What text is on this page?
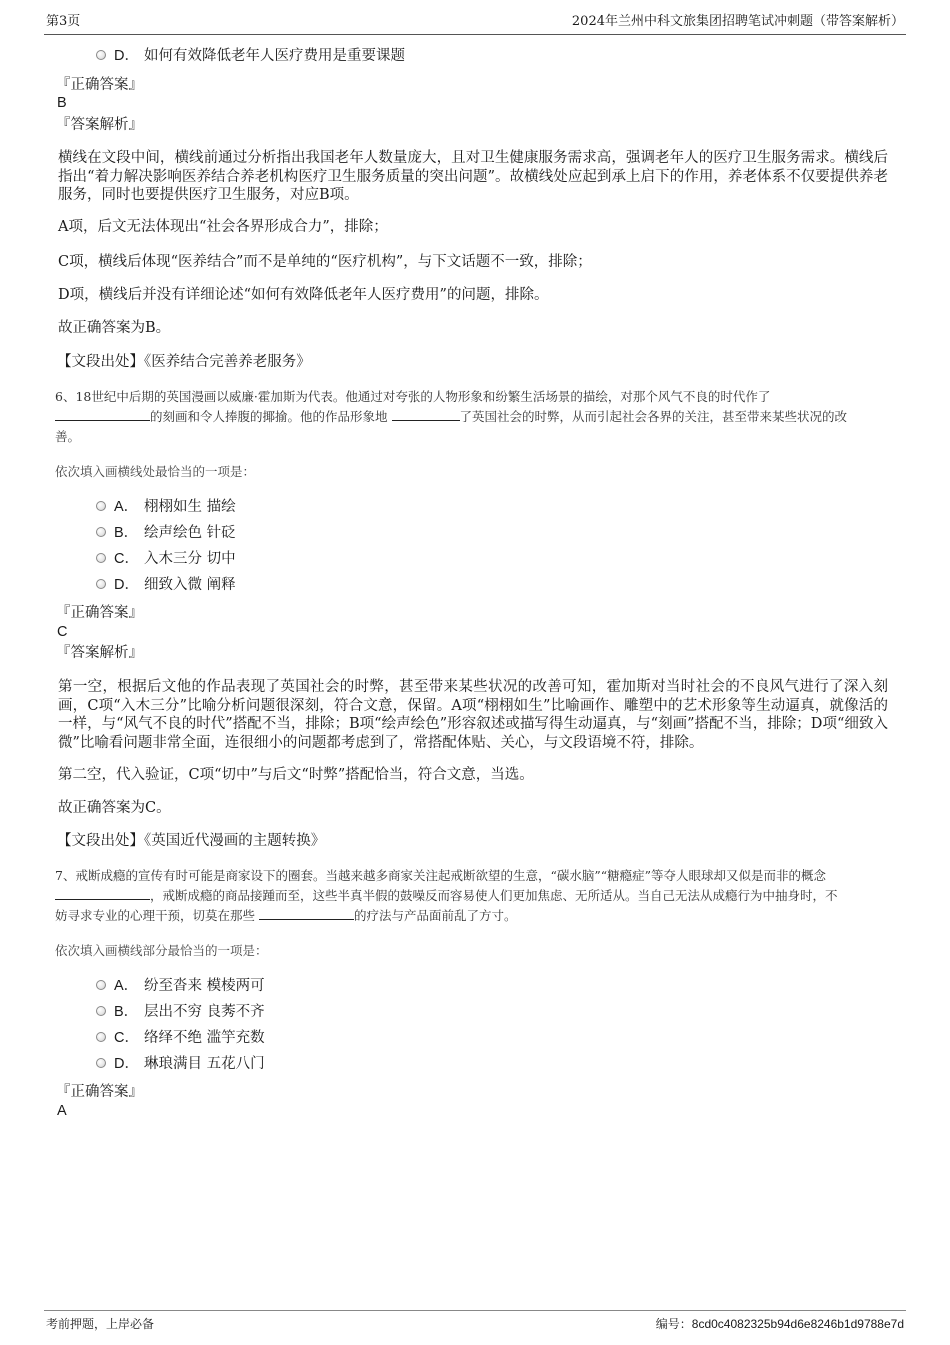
第3页	2024年兰州中科文旅集团招聘笔试冲刺题（带答案解析）
D． 如何有效降低老年人医疗费用是重要课题
『正确答案』
B
『答案解析』
横线在文段中间，横线前通过分析指出我国老年人数量庞大，且对卫生健康服务需求高，强调老年人的医疗卫生服务需求。横线后指出“着力解决影响医养结合养老机构医疗卫生服务质量的突出问题”。故横线处应起到承上启下的作用，养老体系不仅要提供养老服务，同时也要提供医疗卫生服务，对应B项。
A项，后文无法体现出“社会各界形成合力”，排除；
C项，横线后体现“医养结合”而不是单纯的“医疗机构”，与下文话题不一致，排除；
D项，横线后并没有详细论述“如何有效降低老年人医疗费用”的问题，排除。
故正确答案为B。
【文段出处】《医养结合完善养老服务》
6、18世纪中后期的英国漫画以威廉·霍加斯为代表。他通过对夸张的人物形象和纷繁生活场景的描绘，对那个风气不良的时代作了
的刻画和令人捧腹的揶揄。他的作品形象地	了英国社会的时弊，从而引起社会各界的关注，甚至带来某些状况的改
善。
依次填入画横线处最恰当的一项是：
A． 栩栩如生 描绘
B． 绘声绘色 针砭
C． 入木三分 切中
D． 细致入微 阐释
『正确答案』
C
『答案解析』
第一空，根据后文他的作品表现了英国社会的时弊，甚至带来某些状况的改善可知，霍加斯对当时社会的不良风气进行了深入刻画，C项“入木三分”比喻分析问题很深刻，符合文意，保留。A项“栩栩如生”比喻画作、雕塑中的艺术形象等生动逼真，就像活的一样，与“风气不良的时代”搭配不当，排除；B项“绘声绘色”形容叙述或描写得生动逼真，与“刻画”搭配不当，排除；D项“细致入微”比喻看问题非常全面，连很细小的问题都考虑到了，常搭配体贴、关心，与文段语境不符，排除。
第二空，代入验证，C项“切中”与后文“时弊”搭配恰当，符合文意，当选。
故正确答案为C。
【文段出处】《英国近代漫画的主题转换》
7、戒断成瘾的宣传有时可能是商家设下的圈套。当越来越多商家关注起戒断欲望的生意，“碳水脑”“糖瘾症”等夺人眼球却又似是而非的概念
，戒断成瘾的商品接踵而至，这些半真半假的鼓噪反而容易使人们更加焦虑、无所适从。当自己无法从成瘾行为中抽身时，不
妨寻求专业的心理干预，切莫在那些	的疗法与产品面前乱了方寸。
依次填入画横线部分最恰当的一项是：
A． 纷至沓来 模棱两可
B． 层出不穷 良莠不齐
C． 络绎不绝 滥竽充数
D． 琳琅满目 五花八门
『正确答案』
A
考前押题，上岸必备	编号：8cd0c4082325b94d6e8246b1d9788e7d
